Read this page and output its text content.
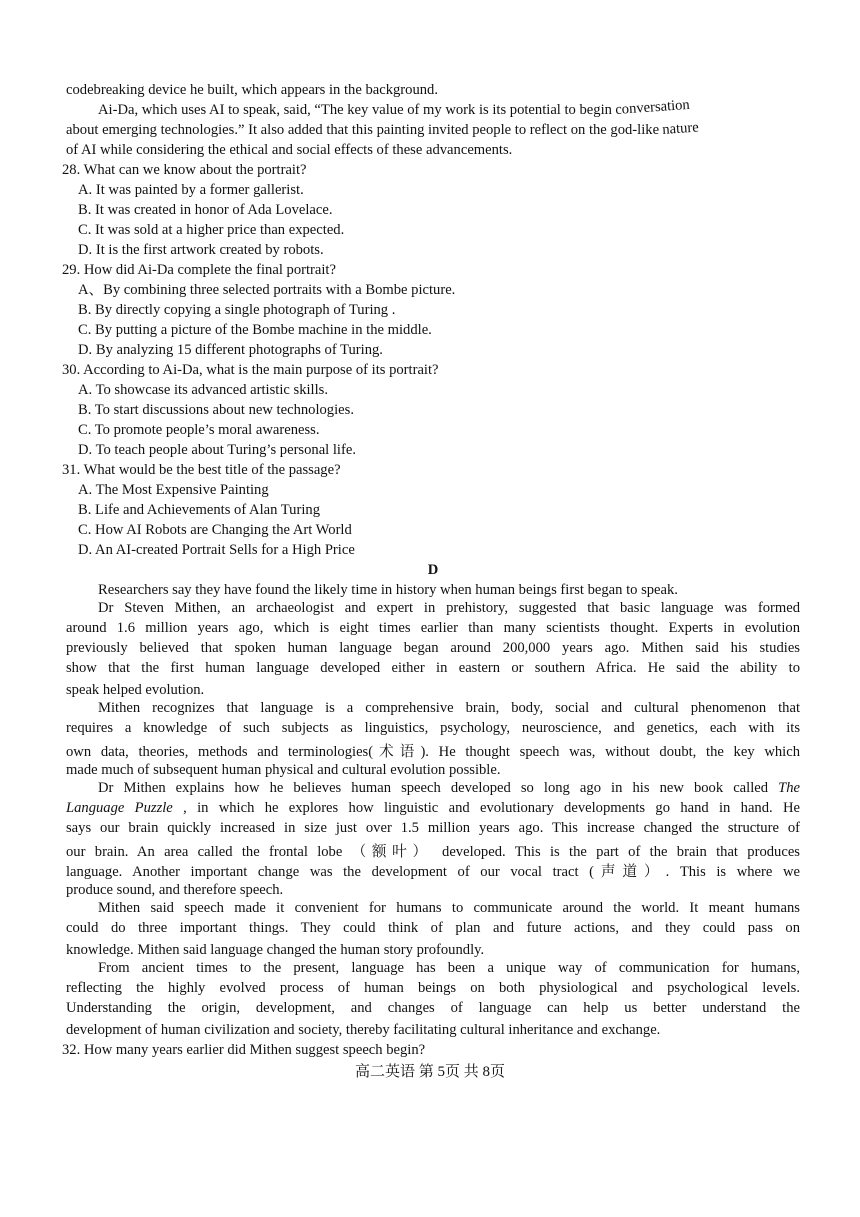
codebreaking device he built, which appears in the background.
Ai-Da, which uses AI to speak, said, “The key value of my work is its potential to begin conversation
about emerging technologies.” It also added that this painting invited people to reflect on the god-like nature
of AI while considering the ethical and social effects of these advancements.
28. What can we know about the portrait?
A. It was painted by a former gallerist.
B. It was created in honor of Ada Lovelace.
C. It was sold at a higher price than expected.
D. It is the first artwork created by robots.
29. How did Ai-Da complete the final portrait?
A、By combining three selected portraits with a Bombe picture.
B. By directly copying a single photograph of Turing .
C. By putting a picture of the Bombe machine in the middle.
D. By analyzing 15 different photographs of Turing.
30. According to Ai-Da, what is the main purpose of its portrait?
A. To showcase its advanced artistic skills.
B. To start discussions about new technologies.
C. To promote people’s moral awareness.
D. To teach people about Turing’s personal life.
31. What would be the best title of the passage?
A. The Most Expensive Painting
B. Life and Achievements of Alan Turing
C. How AI Robots are Changing the Art World
D. An AI-created Portrait Sells for a High Price
D
Researchers say they have found the likely time in history when human beings first began to speak.
Dr Steven Mithen, an archaeologist and expert in prehistory, suggested that basic language was formed
around 1.6 million years ago, which is eight times earlier than many scientists thought. Experts in evolution
previously believed that spoken human language began around 200,000 years ago. Mithen said his studies
show that the first human language developed either in eastern or southern Africa. He said the ability to
speak helped evolution.
Mithen recognizes that language is a comprehensive brain, body, social and cultural phenomenon that
requires a knowledge of such subjects as linguistics, psychology, neuroscience, and genetics, each with its
own data, theories, methods and terminologies(术语). He thought speech was, without doubt, the key which
made much of subsequent human physical and cultural evolution possible.
Dr Mithen explains how he believes human speech developed so long ago in his new book called The
Language Puzzle , in which he explores how linguistic and evolutionary developments go hand in hand. He
says our brain quickly increased in size just over 1.5 million years ago. This increase changed the structure of
our brain. An area called the frontal lobe （额叶） developed. This is the part of the brain that produces
language. Another important change was the development of our vocal tract (声道）. This is where we
produce sound, and therefore speech.
Mithen said speech made it convenient for humans to communicate around the world. It meant humans
could do three important things. They could think of plan and future actions, and they could pass on
knowledge. Mithen said language changed the human story profoundly.
From ancient times to the present, language has been a unique way of communication for humans,
reflecting the highly evolved process of human beings on both physiological and psychological levels.
Understanding the origin, development, and changes of language can help us better understand the
development of human civilization and society, thereby facilitating cultural inheritance and exchange.
32. How many years earlier did Mithen suggest speech begin?
高二英语 第 5页 共 8页
